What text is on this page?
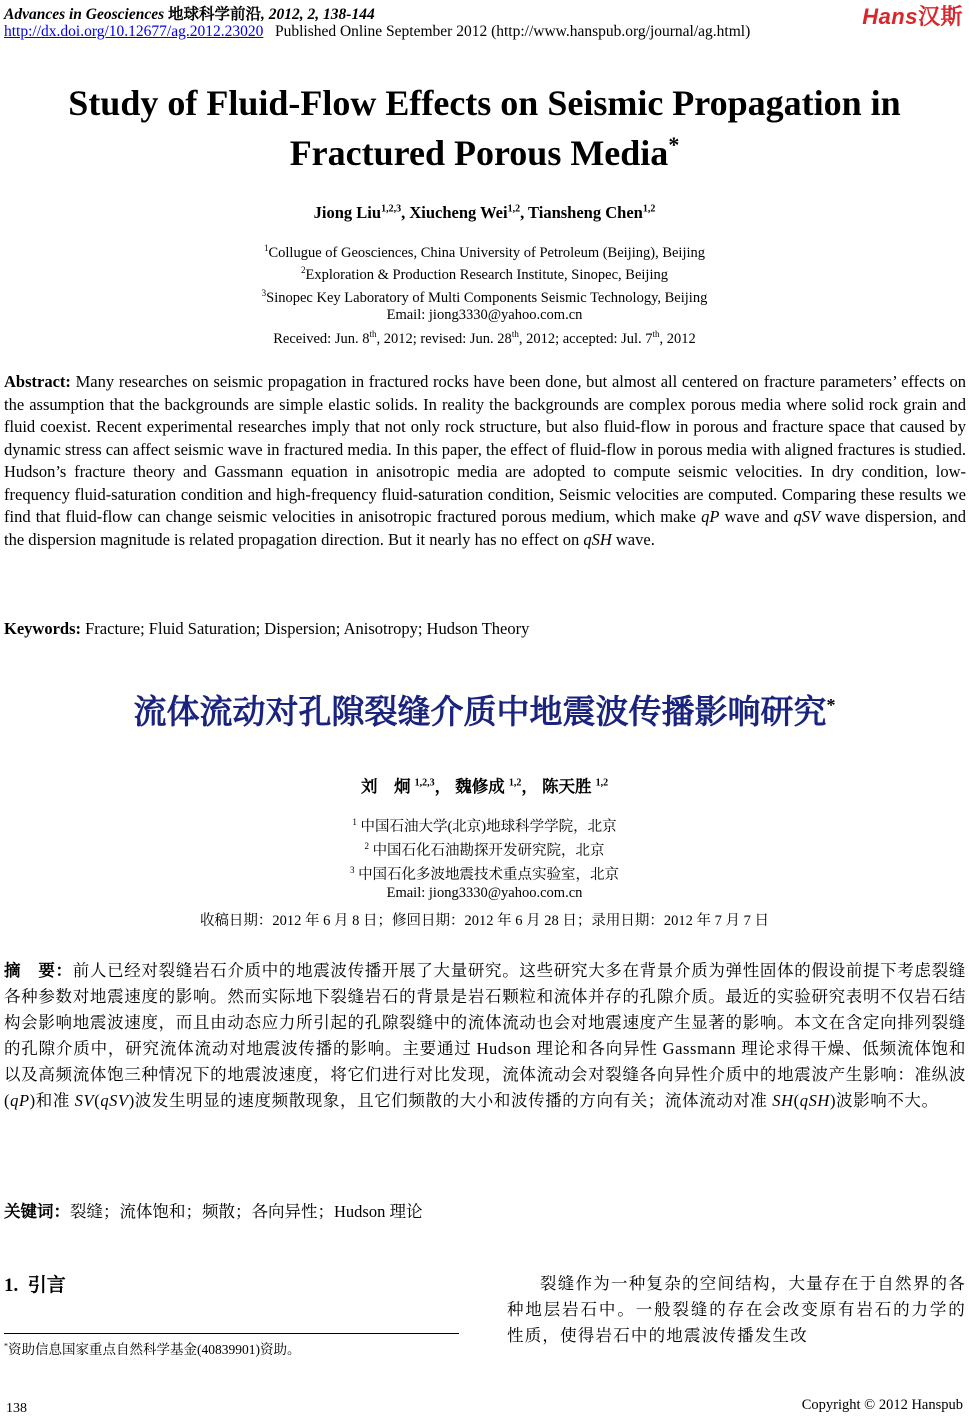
Advances in Geosciences 地球科学前沿, 2012, 2, 138-144
http://dx.doi.org/10.12677/ag.2012.23020 Published Online September 2012 (http://www.hanspub.org/journal/ag.html)
Hans汉斯
Study of Fluid-Flow Effects on Seismic Propagation in
Fractured Porous Media*
Jiong Liu$^{1,2,3}$, Xiucheng Wei$^{1,2}$, Tiansheng Chen$^{1,2}$
$^1$Collugue of Geosciences, China University of Petroleum (Beijing), Beijing
$^2$Exploration & Production Research Institute, Sinopec, Beijing
$^3$Sinopec Key Laboratory of Multi Components Seismic Technology, Beijing
Email: jiong3330@yahoo.com.cn
Received: Jun. 8th, 2012; revised: Jun. 28th, 2012; accepted: Jul. 7th, 2012
Abstract: Many researches on seismic propagation in fractured rocks have been done, but almost all centered on fracture parameters’ effects on the assumption that the backgrounds are simple elastic solids. In reality the backgrounds are complex porous media where solid rock grain and fluid coexist. Recent experimental researches imply that not only rock structure, but also fluid-flow in porous and fracture space that caused by dynamic stress can affect seismic wave in fractured media. In this paper, the effect of fluid-flow in porous media with aligned fractures is studied. Hudson’s fracture theory and Gassmann equation in anisotropic media are adopted to compute seismic velocities. In dry condition, low-frequency fluid-saturation condition and high-frequency fluid-saturation condition, Seismic velocities are computed. Comparing these results we find that fluid-flow can change seismic velocities in anisotropic fractured porous medium, which make qP wave and qSV wave dispersion, and the dispersion magnitude is related propagation direction. But it nearly has no effect on qSH wave.
Keywords: Fracture; Fluid Saturation; Dispersion; Anisotropy; Hudson Theory
流体流动对孔隙裂缝介质中地震波传播影响研究*
刘　炯 $^{1,2,3}$， 魏修成 $^{1,2}$， 陈天胜 $^{1,2}$
$^1$ 中国石油大学(北京)地球科学学院，北京
$^2$ 中国石化石油勘探开发研究院，北京
$^3$ 中国石化多波地震技术重点实验室，北京
Email: jiong3330@yahoo.com.cn
收稿日期：2012 年 6 月 8 日；修回日期：2012 年 6 月 28 日；录用日期：2012 年 7 月 7 日
摘　要：前人已经对裂缝岩石介质中的地震波传播开展了大量研究。这些研究大多在背景介质为弹性固体的假设前提下考虑裂缝各种参数对地震速度的影响。然而实际地下裂缝岩石的背景是岩石颗粒和流体并存的孔隙介质。最近的实验研究表明不仅岩石结构会影响地震波速度，而且由动态应力所引起的孔隙裂缝中的流体流动也会对地震速度产生显著的影响。本文在含定向排列裂缝的孔隙介质中，研究流体流动对地震波传播的影响。主要通过 Hudson 理论和各向异性 Gassmann 理论求得干燥、低频流体饱和以及高频流体饱三种情况下的地震波速度，将它们进行对比发现，流体流动会对裂缝各向异性介质中的地震波产生影响：准纵波(qP)和准 SV(qSV)波发生明显的速度频散现象，且它们频散的大小和波传播的方向有关；流体流动对准 SH(qSH)波影响不大。
关键词：裂缝；流体饱和；频散；各向异性；Hudson 理论
1. 引言	裂缝作为一种复杂的空间结构，大量存在于自然界的各种地层岩石中。一般裂缝的存在会改变原有岩石的力学的性质，使得岩石中的地震波传播发生改

*资助信息国家重点自然科学基金(40839901)资助。
138	Copyright © 2012 Hanspub
